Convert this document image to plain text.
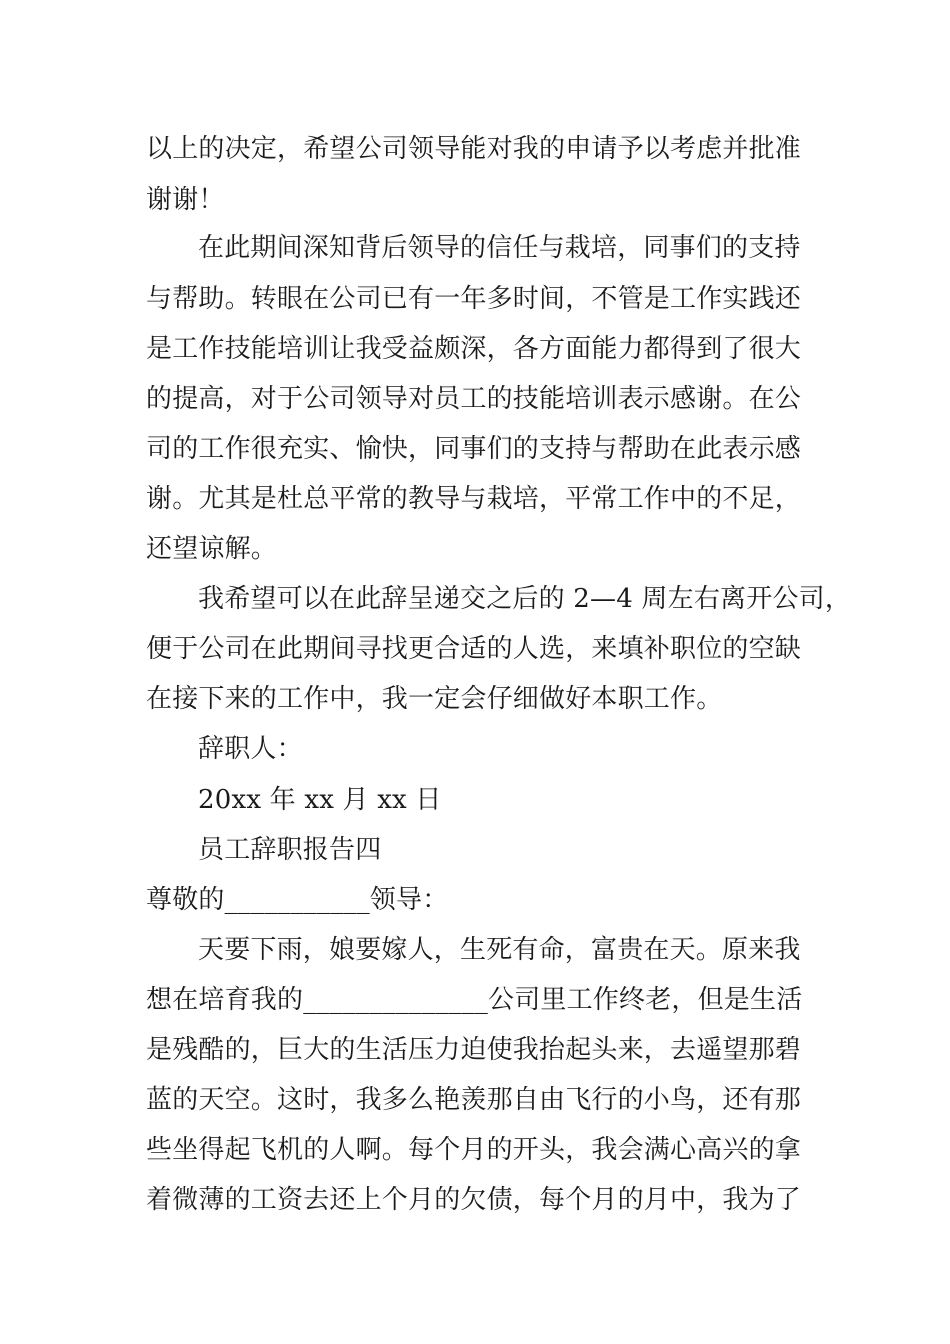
以上的决定，希望公司领导能对我的申请予以考虑并批准

谢谢！

在此期间深知背后领导的信任与栽培，同事们的支持

与帮助。转眼在公司已有一年多时间，不管是工作实践还

是工作技能培训让我受益颇深，各方面能力都得到了很大

的提高，对于公司领导对员工的技能培训表示感谢。在公

司的工作很充实、愉快，同事们的支持与帮助在此表示感

谢。尤其是杜总平常的教导与栽培，平常工作中的不足，

还望谅解。

我希望可以在此辞呈递交之后的 2—4 周左右离开公司，

便于公司在此期间寻找更合适的人选，来填补职位的空缺

在接下来的工作中，我一定会仔细做好本职工作。

辞职人：

20xx 年 xx 月 xx 日

员工辞职报告四

尊敬的___________领导：

天要下雨，娘要嫁人，生死有命，富贵在天。原来我

想在培育我的______________公司里工作终老，但是生活

是残酷的，巨大的生活压力迫使我抬起头来，去遥望那碧

蓝的天空。这时，我多么艳羡那自由飞行的小鸟，还有那

些坐得起飞机的人啊。每个月的开头，我会满心高兴的拿

着微薄的工资去还上个月的欠债，每个月的月中，我为了
